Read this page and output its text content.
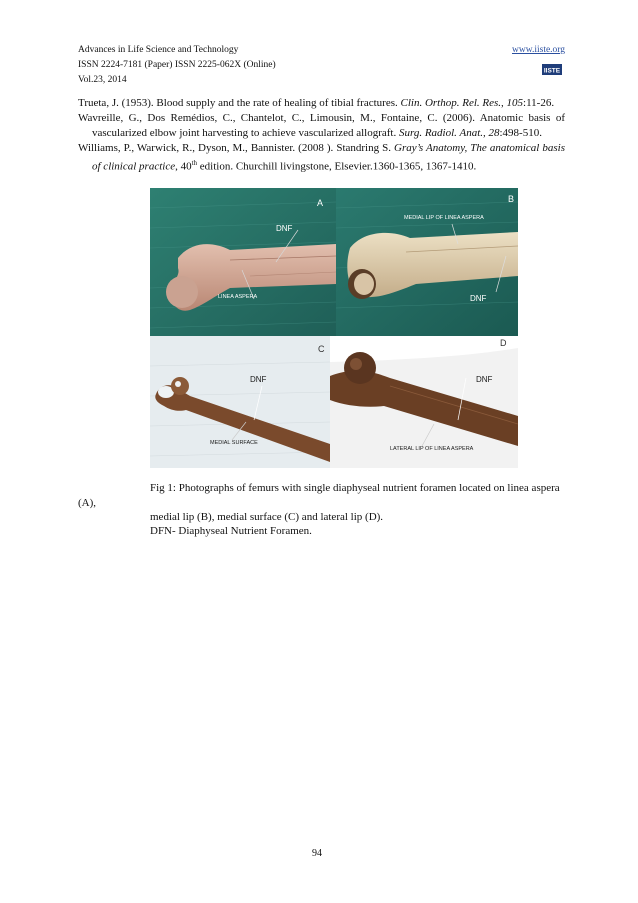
Advances in Life Science and Technology
ISSN 2224-7181 (Paper) ISSN 2225-062X (Online)
Vol.23, 2014
www.iiste.org
IISTE
Trueta, J. (1953). Blood supply and the rate of healing of tibial fractures. Clin. Orthop. Rel. Res., 105:11-26.
Wavreille, G., Dos Remédios, C., Chantelot, C., Limousin, M., Fontaine, C. (2006). Anatomic basis of vascularized elbow joint harvesting to achieve vascularized allograft. Surg. Radiol. Anat., 28:498-510.
Williams, P., Warwick, R., Dyson, M., Bannister. (2008 ). Standring S. Gray’s Anatomy, The anatomical basis of clinical practice, 40th edition. Churchill livingstone, Elsevier.1360-1365, 1367-1410.
A
DNF
LINEA ASPERA
B
MEDIAL LIP OF LINEA ASPERA
DNF
C
DNF
MEDIAL SURFACE
D
DNF
LATERAL LIP OF LINEA ASPERA
Fig 1: Photographs of femurs with single diaphyseal nutrient foramen located on linea aspera
(A),
medial lip (B), medial surface (C) and lateral lip (D).
DFN- Diaphyseal Nutrient Foramen.
94
